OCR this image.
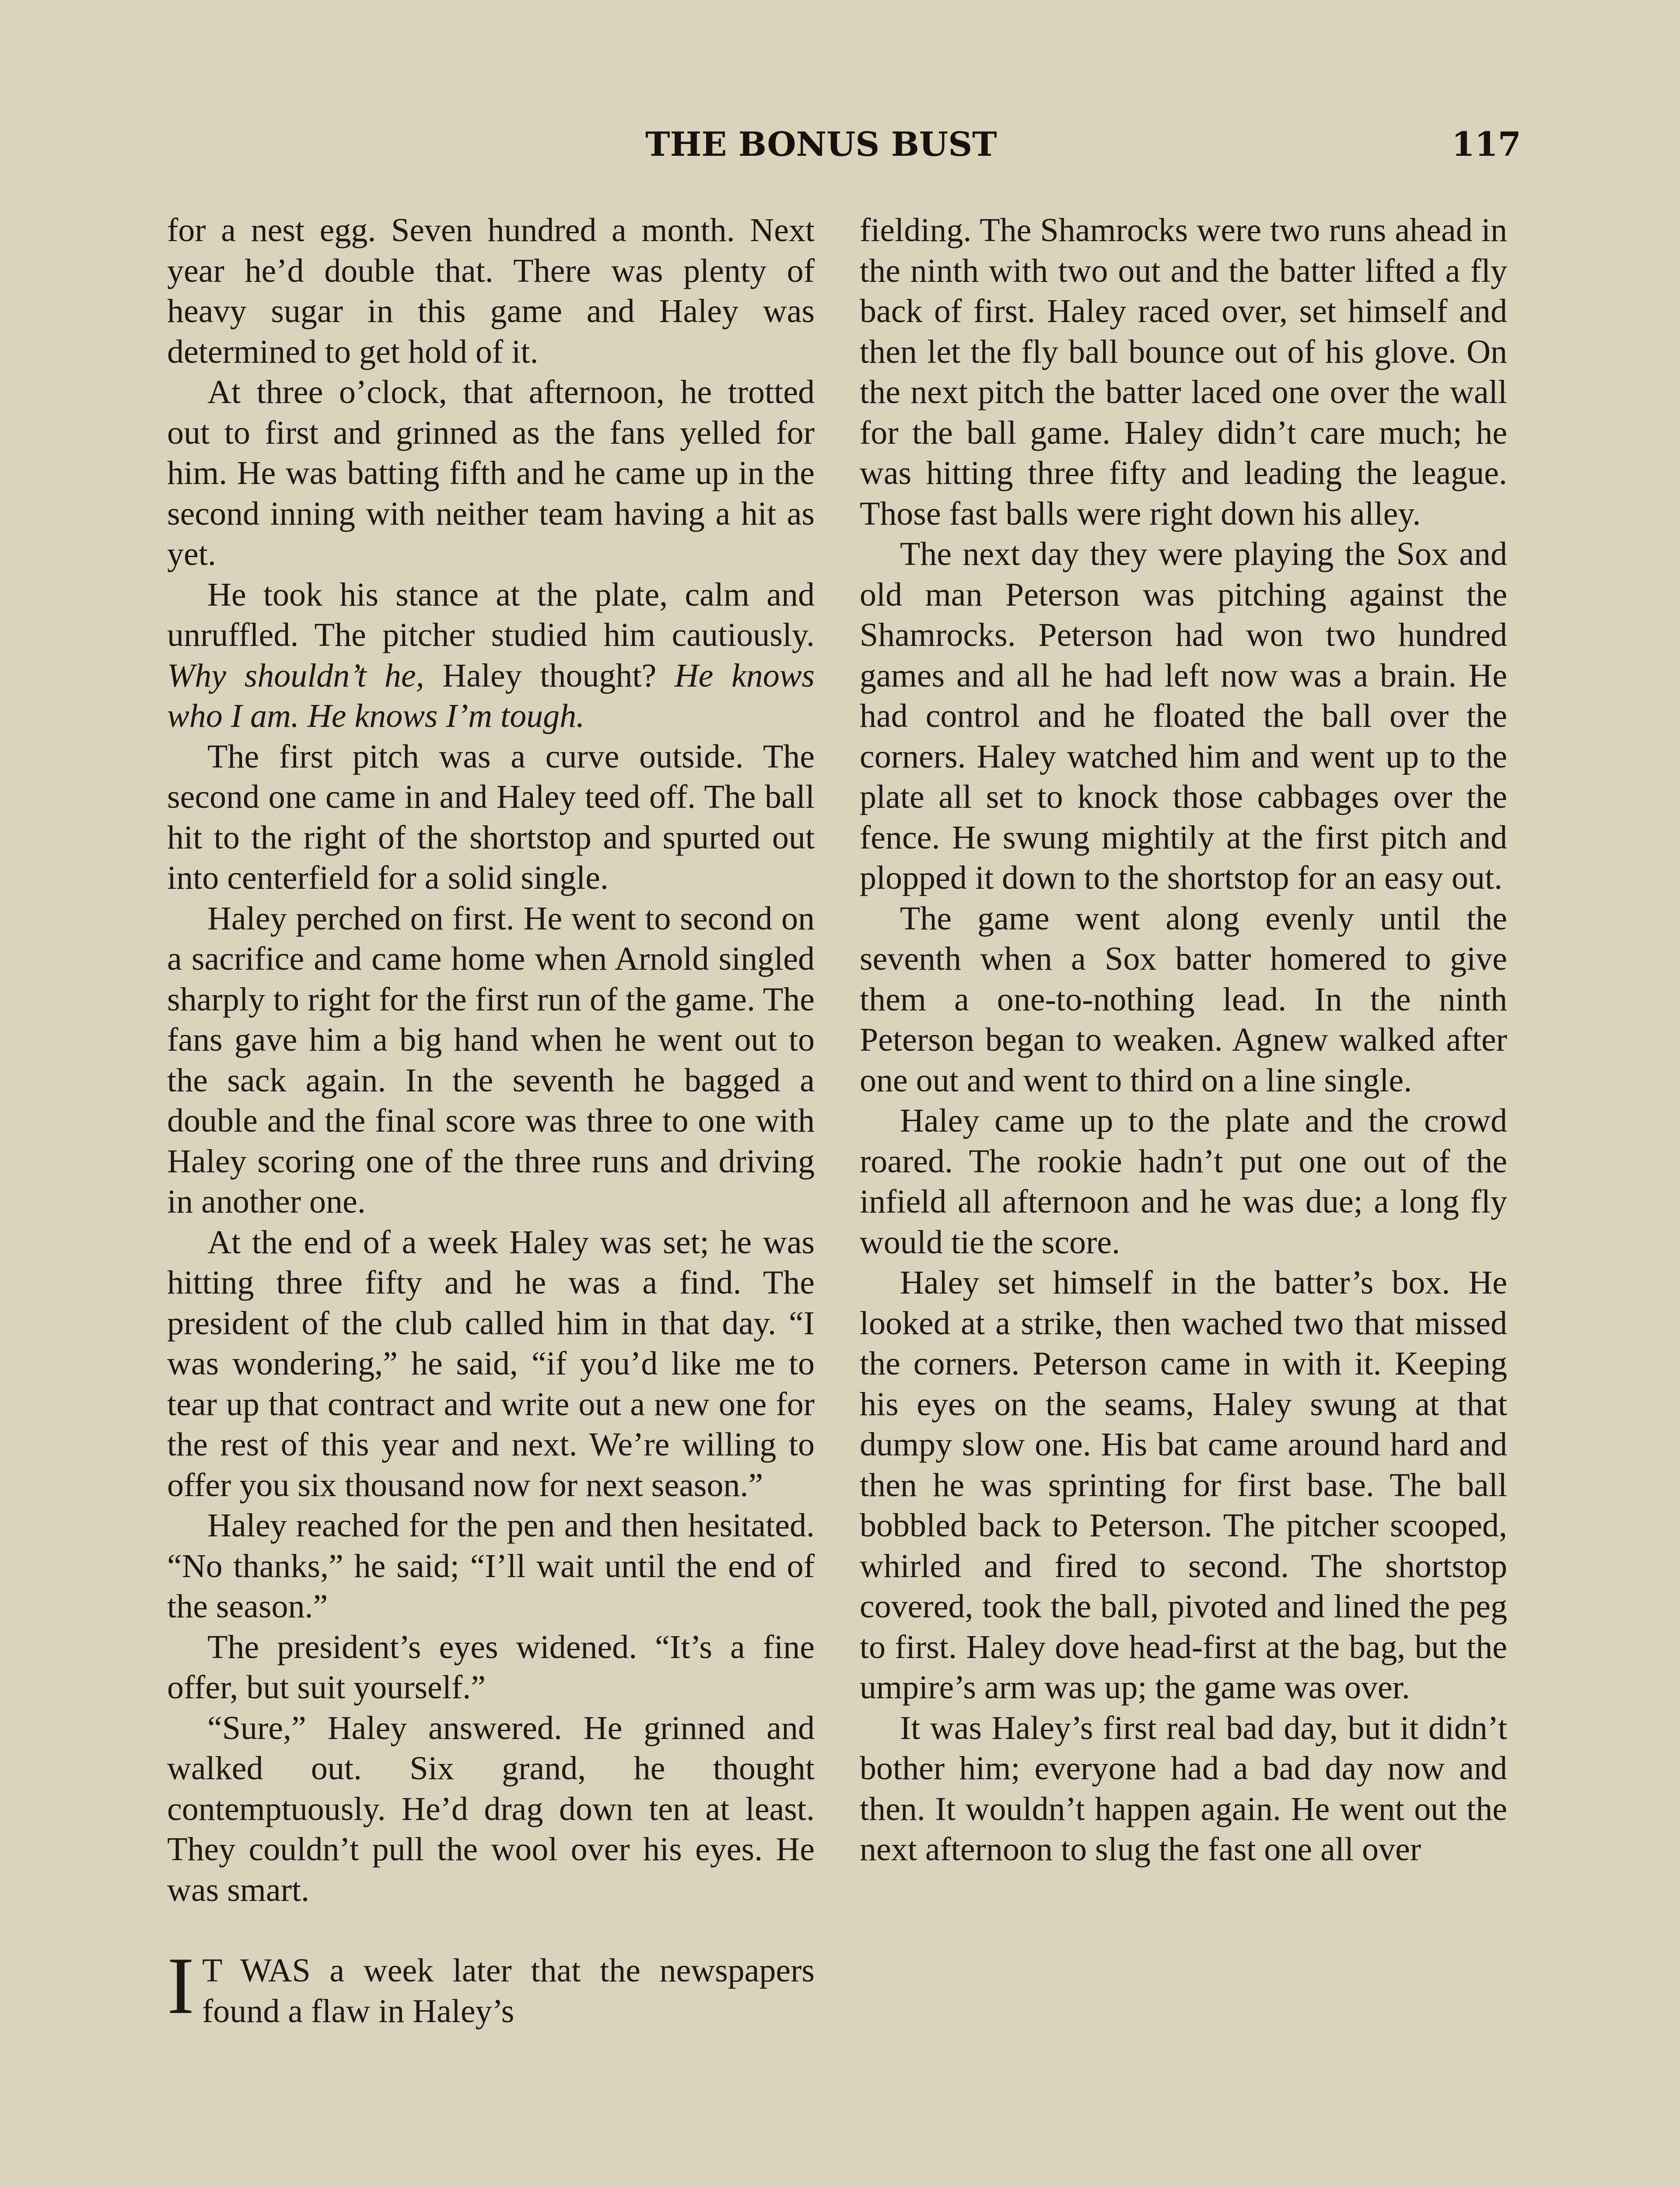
THE BONUS BUST	117

for a nest egg. Seven hundred a month. Next year he’d double that. There was plenty of heavy sugar in this game and Haley was determined to get hold of it.

At three o’clock, that afternoon, he trotted out to first and grinned as the fans yelled for him. He was batting fifth and he came up in the second inning with neither team having a hit as yet.

He took his stance at the plate, calm and unruffled. The pitcher studied him cautiously. Why shouldn’t he, Haley thought? He knows who I am. He knows I’m tough.

The first pitch was a curve outside. The second one came in and Haley teed off. The ball hit to the right of the shortstop and spurted out into centerfield for a solid single.

Haley perched on first. He went to second on a sacrifice and came home when Arnold singled sharply to right for the first run of the game. The fans gave him a big hand when he went out to the sack again. In the seventh he bagged a double and the final score was three to one with Haley scoring one of the three runs and driving in another one.

At the end of a week Haley was set; he was hitting three fifty and he was a find. The president of the club called him in that day. “I was wondering,” he said, “if you’d like me to tear up that contract and write out a new one for the rest of this year and next. We’re willing to offer you six thousand now for next season.”

Haley reached for the pen and then hesitated. “No thanks,” he said; “I’ll wait until the end of the season.”

The president’s eyes widened. “It’s a fine offer, but suit yourself.”

“Sure,” Haley answered. He grinned and walked out. Six grand, he thought contemptuously. He’d drag down ten at least. They couldn’t pull the wool over his eyes. He was smart.

I T WAS a week later that the newspapers found a flaw in Haley’s

fielding. The Shamrocks were two runs ahead in the ninth with two out and the batter lifted a fly back of first. Haley raced over, set himself and then let the fly ball bounce out of his glove. On the next pitch the batter laced one over the wall for the ball game. Haley didn’t care much; he was hitting three fifty and leading the league. Those fast balls were right down his alley.

The next day they were playing the Sox and old man Peterson was pitching against the Shamrocks. Peterson had won two hundred games and all he had left now was a brain. He had control and he floated the ball over the corners. Haley watched him and went up to the plate all set to knock those cabbages over the fence. He swung mightily at the first pitch and plopped it down to the shortstop for an easy out.

The game went along evenly until the seventh when a Sox batter homered to give them a one-to-nothing lead. In the ninth Peterson began to weaken. Agnew walked after one out and went to third on a line single.

Haley came up to the plate and the crowd roared. The rookie hadn’t put one out of the infield all afternoon and he was due; a long fly would tie the score.

Haley set himself in the batter’s box. He looked at a strike, then wached two that missed the corners. Peterson came in with it. Keeping his eyes on the seams, Haley swung at that dumpy slow one. His bat came around hard and then he was sprinting for first base. The ball bobbled back to Peterson. The pitcher scooped, whirled and fired to second. The shortstop covered, took the ball, pivoted and lined the peg to first. Haley dove head-first at the bag, but the umpire’s arm was up; the game was over.

It was Haley’s first real bad day, but it didn’t bother him; everyone had a bad day now and then. It wouldn’t happen again. He went out the next afternoon to slug the fast one all over
